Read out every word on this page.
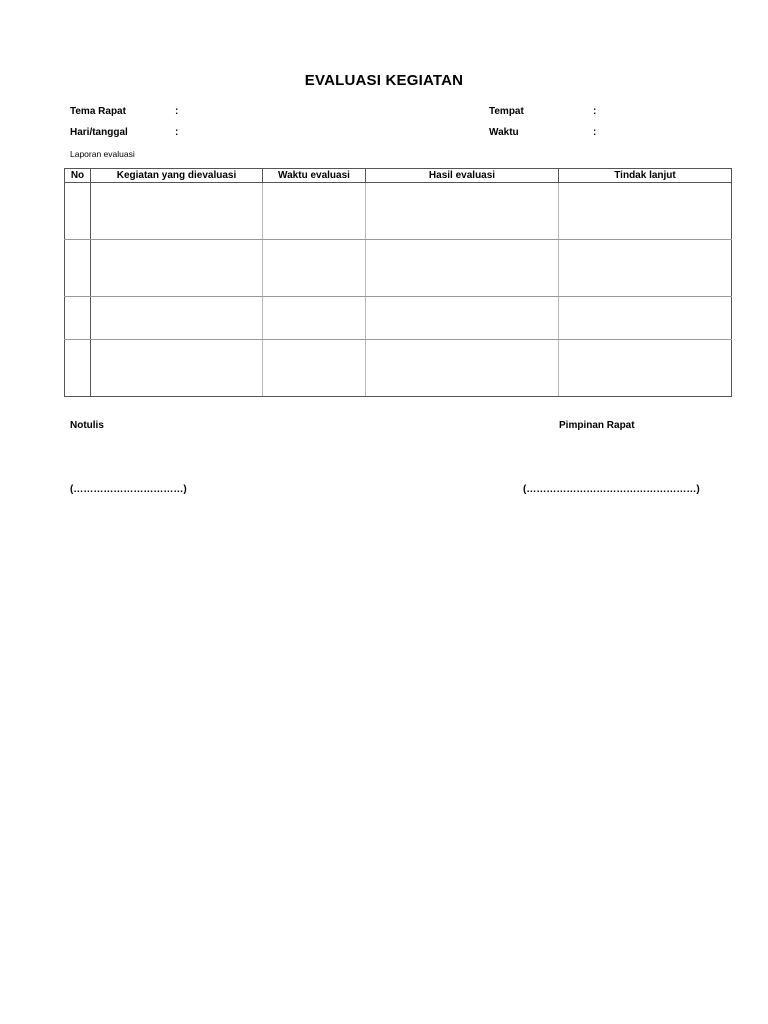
EVALUASI KEGIATAN
Tema Rapat	:	Tempat	:
Hari/tanggal	:	Waktu	:
Laporan evaluasi
No	Kegiatan yang dievaluasi	Waktu evaluasi	Hasil evaluasi	Tindak lanjut

Notulis	Pimpinan Rapat
(……………………………)	(……………………………………………)
